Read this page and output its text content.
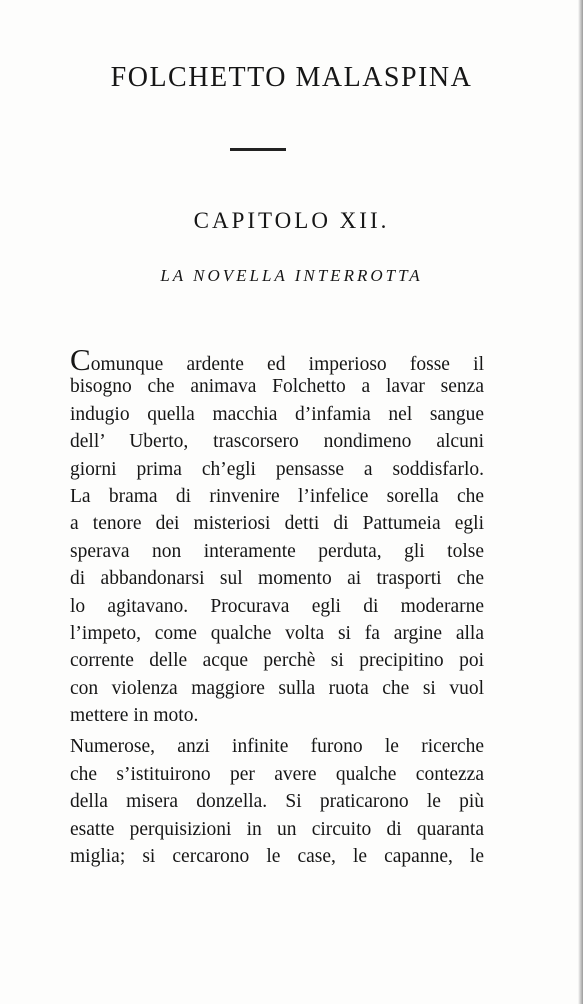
FOLCHETTO MALASPINA
CAPITOLO XII.
LA NOVELLA INTERROTTA
Comunque ardente ed imperioso fosse il
bisogno che animava Folchetto a lavar senza
indugio quella macchia d’infamia nel sangue
dell’ Uberto, trascorsero nondimeno alcuni
giorni prima ch’egli pensasse a soddisfarlo.
La brama di rinvenire l’infelice sorella che
a tenore dei misteriosi detti di Pattumeia egli
sperava non interamente perduta, gli tolse
di abbandonarsi sul momento ai trasporti che
lo agitavano. Procurava egli di moderarne
l’impeto, come qualche volta si fa argine alla
corrente delle acque perchè si precipitino poi
con violenza maggiore sulla ruota che si vuol
mettere in moto.
Numerose, anzi infinite furono le ricerche
che s’istituirono per avere qualche contezza
della misera donzella. Si praticarono le più
esatte perquisizioni in un circuito di quaranta
miglia; si cercarono le case, le capanne, le
